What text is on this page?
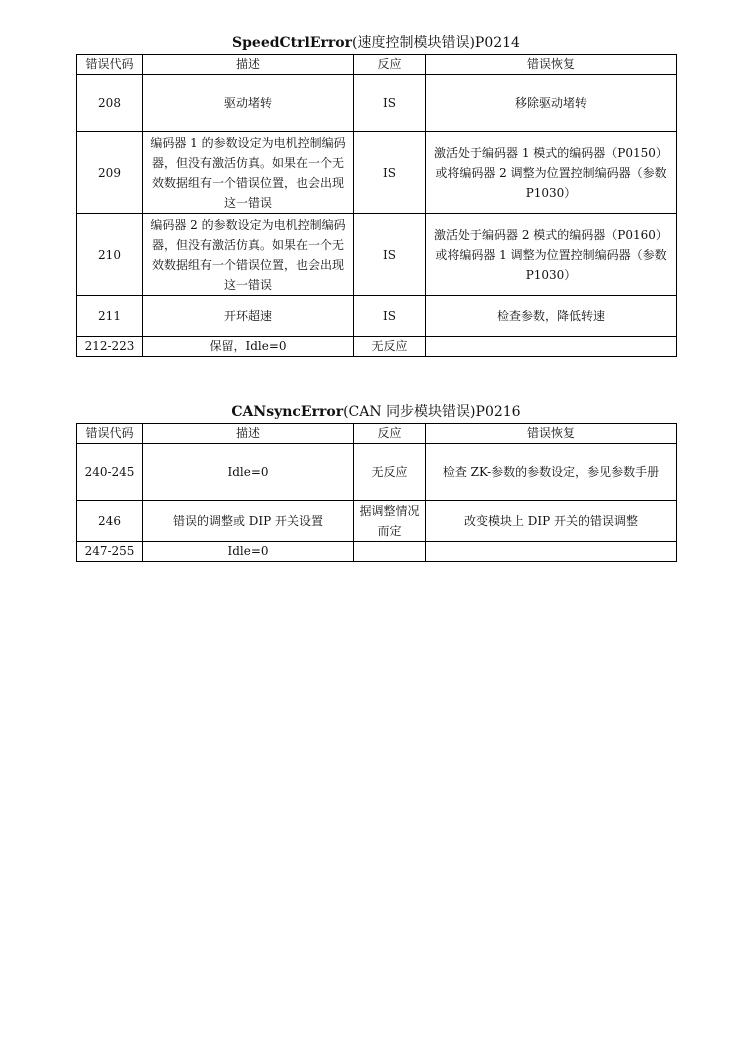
SpeedCtrlError(速度控制模块错误)P0214
错误代码	描述	反应	错误恢复
208	驱动堵转	IS	移除驱动堵转
209	编码器 1 的参数设定为电机控制编码
器，但没有激活仿真。如果在一个无
效数据组有一个错误位置，也会出现
这一错误	IS	激活处于编码器 1 模式的编码器（P0150）
或将编码器 2 调整为位置控制编码器（参数
P1030）

210	编码器 2 的参数设定为电机控制编码
器，但没有激活仿真。如果在一个无
效数据组有一个错误位置，也会出现
这一错误	IS	激活处于编码器 2 模式的编码器（P0160）
或将编码器 1 调整为位置控制编码器（参数
P1030）

211	开环超速	IS	检查参数，降低转速
212-223	保留，Idle=0	无反应	
CANsyncError(CAN 同步模块错误)P0216
错误代码	描述	反应	错误恢复
240-245	Idle=0	无反应	检查 ZK-参数的参数设定，参见参数手册
246	错误的调整或 DIP 开关设置	据调整情况
而定	改变模块上 DIP 开关的错误调整
247-255	Idle=0		
